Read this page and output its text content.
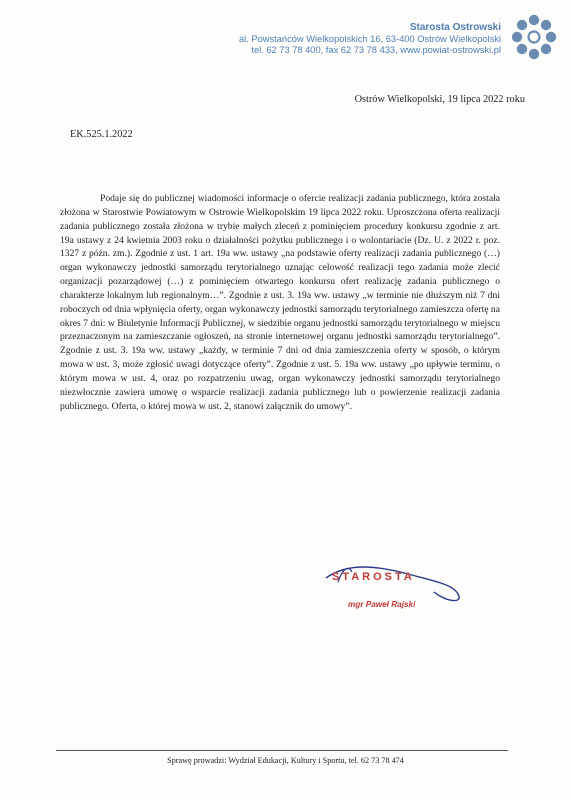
Starosta Ostrowski
al. Powstańców Wielkopolskich 16, 63-400 Ostrów Wielkopolski
tel. 62 73 78 400, fax 62 73 78 433, www.powiat-ostrowski.pl
Ostrów Wielkopolski, 19 lipca 2022 roku
EK.525.1.2022

Podaje się do publicznej wiadomości informacje o ofercie realizacji zadania publicznego, która została złożona w Starostwie Powiatowym w Ostrowie Wielkopolskim 19 lipca 2022 roku. Uproszczona oferta realizacji zadania publicznego została złożona w trybie małych zleceń z pominięciem procedury konkursu zgodnie z art. 19a ustawy z 24 kwietnia 2003 roku o działalności pożytku publicznego i o wolontariacie (Dz. U. z 2022 r. poz. 1327 z późn. zm.). Zgodnie z ust. 1 art. 19a ww. ustawy „na podstawie oferty realizacji zadania publicznego (…) organ wykonawczy jednostki samorządu terytorialnego uznając celowość realizacji tego zadania może zlecić organizacji pozarządowej (…) z pominięciem otwartego konkursu ofert realizację zadania publicznego o charakterze lokalnym lub regionalnym…”. Zgodnie z ust. 3. 19a ww. ustawy „w terminie nie dłuższym niż 7 dni roboczych od dnia wpłynięcia oferty, organ wykonawczy jednostki samorządu terytorialnego zamieszcza ofertę na okres 7 dni: w Biuletynie Informacji Publicznej, w siedzibie organu jednostki samorządu terytorialnego w miejscu przeznaczonym na zamieszczanie ogłoszeń, na stronie internetowej organu jednostki samorządu terytorialnego”. Zgodnie z ust. 3. 19a ww. ustawy „każdy, w terminie 7 dni od dnia zamieszczenia oferty w sposób, o którym mowa w ust. 3, może zgłosić uwagi dotyczące oferty”. Zgodnie z ust. 5. 19a ww. ustawy „po upływie terminu, o którym mowa w ust. 4, oraz po rozpatrzeniu uwag, organ wykonawczy jednostki samorządu terytorialnego niezwłocznie zawiera umowę o wsparcie realizacji zadania publicznego lub o powierzenie realizacji zadania publicznego. Oferta, o której mowa w ust. 2, stanowi załącznik do umowy”.

STAROSTA
mgr Paweł Rajski
Sprawę prowadzi: Wydział Edukacji, Kultury i Sportu, tel. 62 73 78 474
